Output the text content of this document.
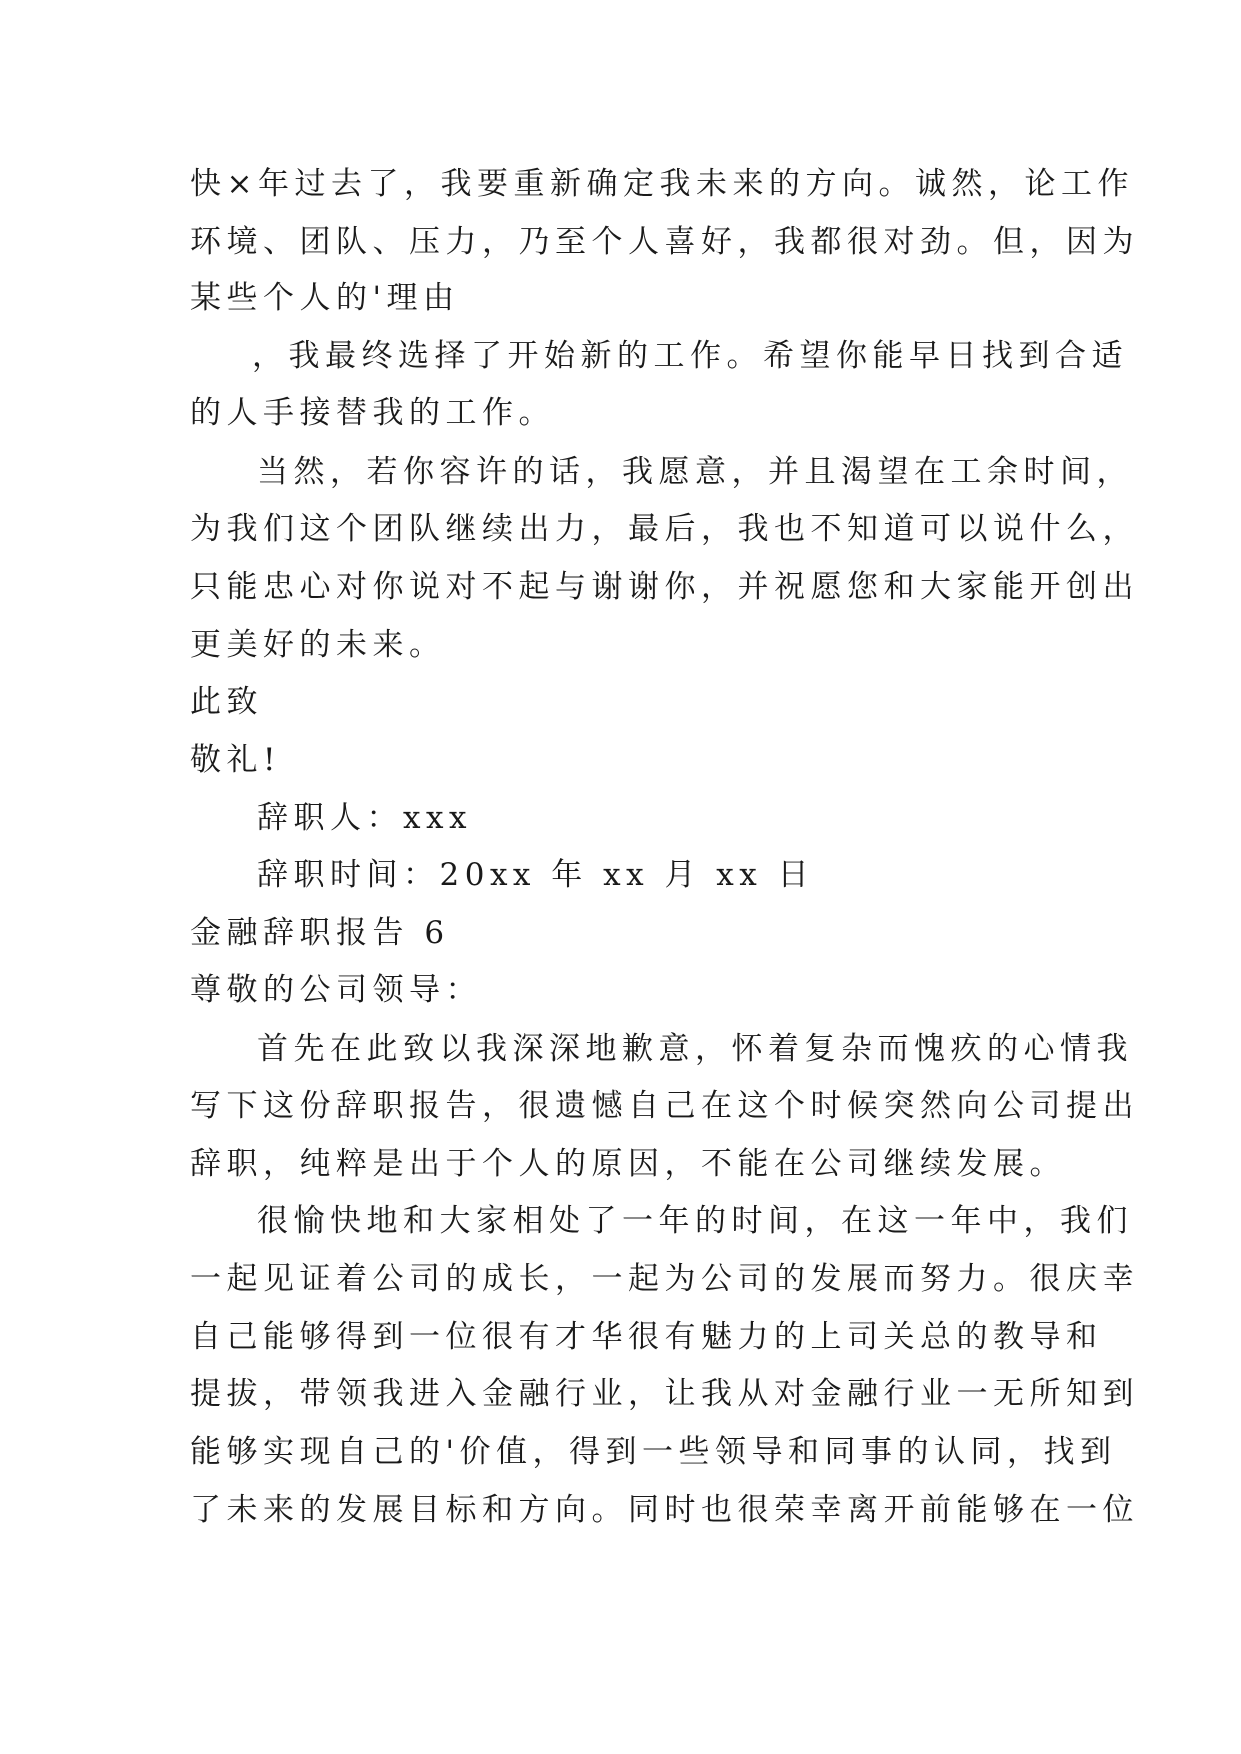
快×年过去了，我要重新确定我未来的方向。诚然，论工作
环境、团队、压力，乃至个人喜好，我都很对劲。但，因为
某些个人的'理由
，我最终选择了开始新的工作。希望你能早日找到合适
的人手接替我的工作。
当然，若你容许的话，我愿意，并且渴望在工余时间，
为我们这个团队继续出力，最后，我也不知道可以说什么，
只能忠心对你说对不起与谢谢你，并祝愿您和大家能开创出
更美好的未来。
此致
敬礼!
辞职人：xxx
辞职时间：20xx 年 xx 月 xx 日
金融辞职报告 6
尊敬的公司领导：
首先在此致以我深深地歉意，怀着复杂而愧疚的心情我
写下这份辞职报告，很遗憾自己在这个时候突然向公司提出
辞职，纯粹是出于个人的原因，不能在公司继续发展。
很愉快地和大家相处了一年的时间，在这一年中，我们
一起见证着公司的成长，一起为公司的发展而努力。很庆幸
自己能够得到一位很有才华很有魅力的上司关总的教导和
提拔，带领我进入金融行业，让我从对金融行业一无所知到
能够实现自己的'价值，得到一些领导和同事的认同，找到
了未来的发展目标和方向。同时也很荣幸离开前能够在一位
